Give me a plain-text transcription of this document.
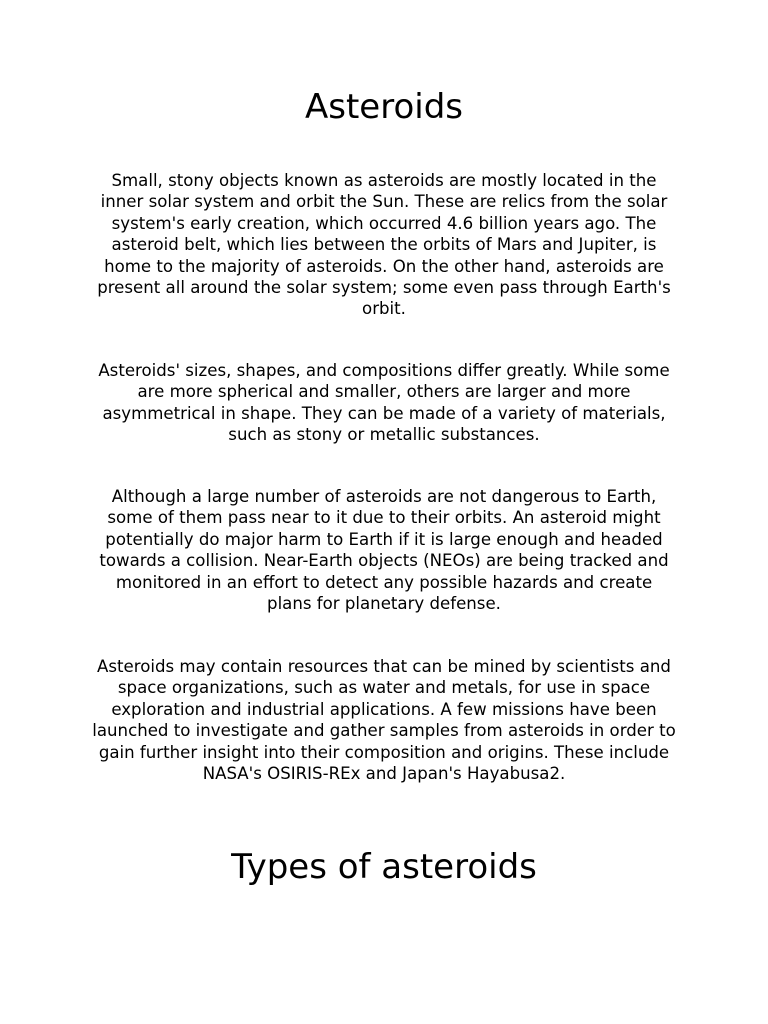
Asteroids

Small, stony objects known as asteroids are mostly located in the inner solar system and orbit the Sun. These are relics from the solar system's early creation, which occurred 4.6 billion years ago. The asteroid belt, which lies between the orbits of Mars and Jupiter, is home to the majority of asteroids. On the other hand, asteroids are present all around the solar system; some even pass through Earth's orbit.

Asteroids' sizes, shapes, and compositions differ greatly. While some are more spherical and smaller, others are larger and more asymmetrical in shape. They can be made of a variety of materials, such as stony or metallic substances.

Although a large number of asteroids are not dangerous to Earth, some of them pass near to it due to their orbits. An asteroid might potentially do major harm to Earth if it is large enough and headed towards a collision. Near-Earth objects (NEOs) are being tracked and monitored in an effort to detect any possible hazards and create plans for planetary defense.

Asteroids may contain resources that can be mined by scientists and space organizations, such as water and metals, for use in space exploration and industrial applications. A few missions have been launched to investigate and gather samples from asteroids in order to gain further insight into their composition and origins. These include NASA's OSIRIS-REx and Japan's Hayabusa2.

Types of asteroids
